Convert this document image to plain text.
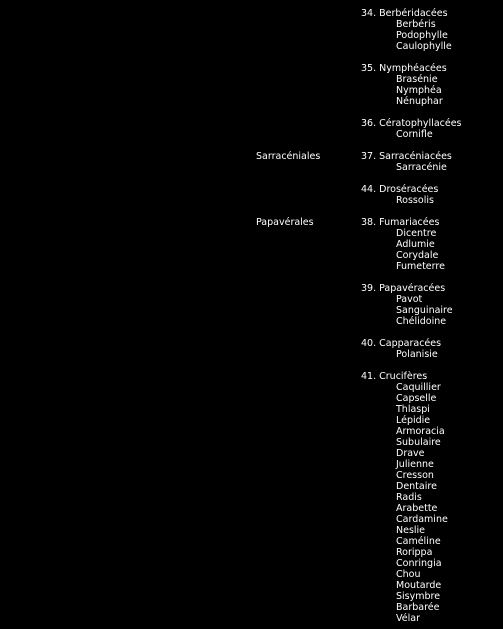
34. Berbéridacées
Berbéris
Podophylle
Caulophylle
35. Nymphéacées
Brasénie
Nymphéa
Nénuphar
36. Cératophyllacées
Cornifle
Sarracéniales	37. Sarracéniacées
Sarracénie
44. Droséracées
Rossolis
Papavérales	38. Fumariacées
Dicentre
Adlumie
Corydale
Fumeterre
39. Papavéracées
Pavot
Sanguinaire
Chélidoine
40. Capparacées
Polanisie
41. Crucifères
Caquillier
Capselle
Thlaspi
Lépidie
Armoracia
Subulaire
Drave
Julienne
Cresson
Dentaire
Radis
Arabette
Cardamine
Neslie
Caméline
Rorippa
Conringia
Chou
Moutarde
Sisymbre
Barbarée
Vélar
